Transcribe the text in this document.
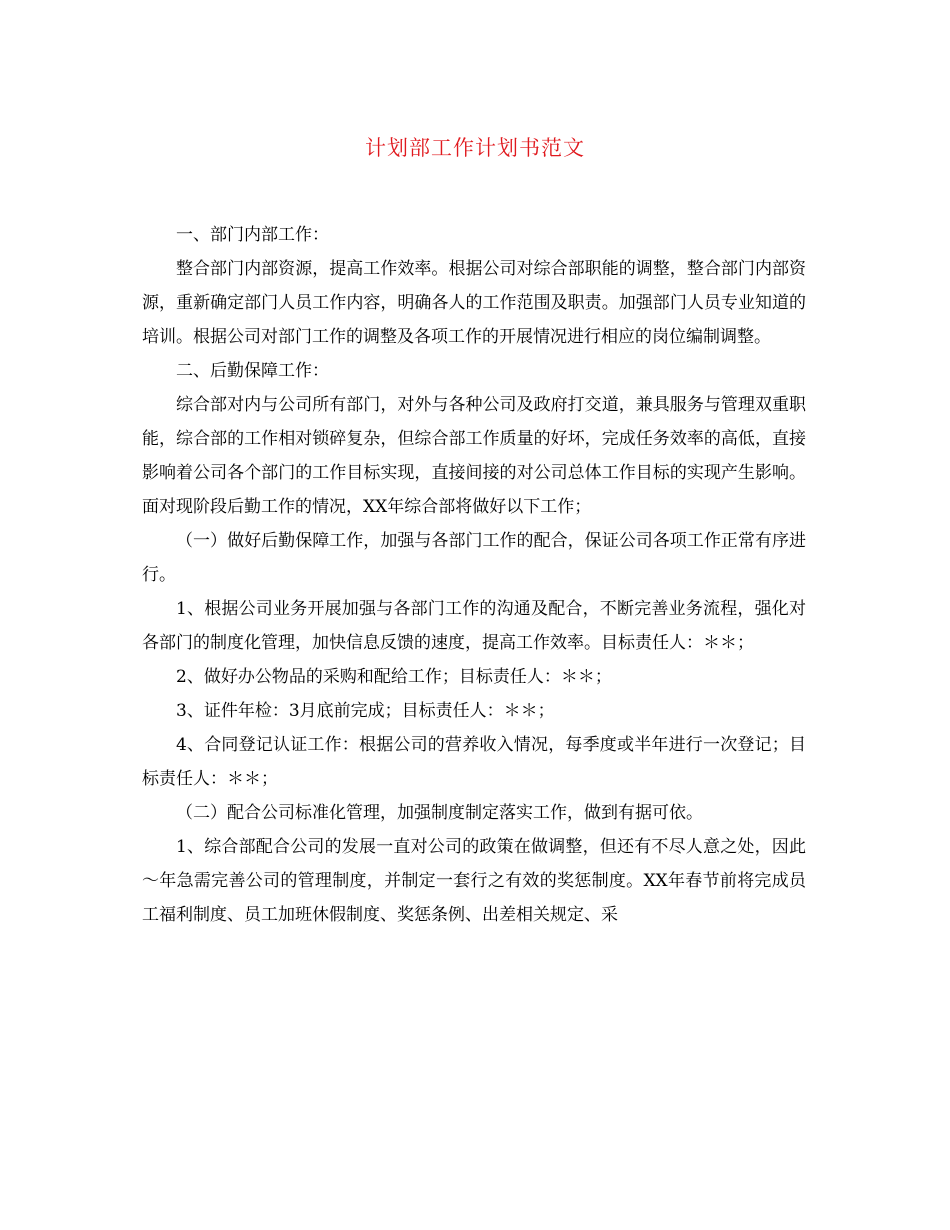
计划部工作计划书范文

一、部门内部工作：

整合部门内部资源，提高工作效率。根据公司对综合部职能的调整，整合部门内部资源，重新确定部门人员工作内容，明确各人的工作范围及职责。加强部门人员专业知道的培训。根据公司对部门工作的调整及各项工作的开展情况进行相应的岗位编制调整。

二、后勤保障工作：

综合部对内与公司所有部门，对外与各种公司及政府打交道，兼具服务与管理双重职能，综合部的工作相对锁碎复杂，但综合部工作质量的好坏，完成任务效率的高低，直接影响着公司各个部门的工作目标实现，直接间接的对公司总体工作目标的实现产生影响。面对现阶段后勤工作的情况，XX年综合部将做好以下工作；

（一）做好后勤保障工作，加强与各部门工作的配合，保证公司各项工作正常有序进行。

1、根据公司业务开展加强与各部门工作的沟通及配合，不断完善业务流程，强化对各部门的制度化管理，加快信息反馈的速度，提高工作效率。目标责任人：＊＊；

2、做好办公物品的采购和配给工作；目标责任人：＊＊；

3、证件年检：3月底前完成；目标责任人：＊＊；

4、合同登记认证工作：根据公司的营养收入情况，每季度或半年进行一次登记；目标责任人：＊＊；

（二）配合公司标准化管理，加强制度制定落实工作，做到有据可依。

1、综合部配合公司的发展一直对公司的政策在做调整，但还有不尽人意之处，因此～年急需完善公司的管理制度，并制定一套行之有效的奖惩制度。XX年春节前将完成员工福利制度、员工加班休假制度、奖惩条例、出差相关规定、采
